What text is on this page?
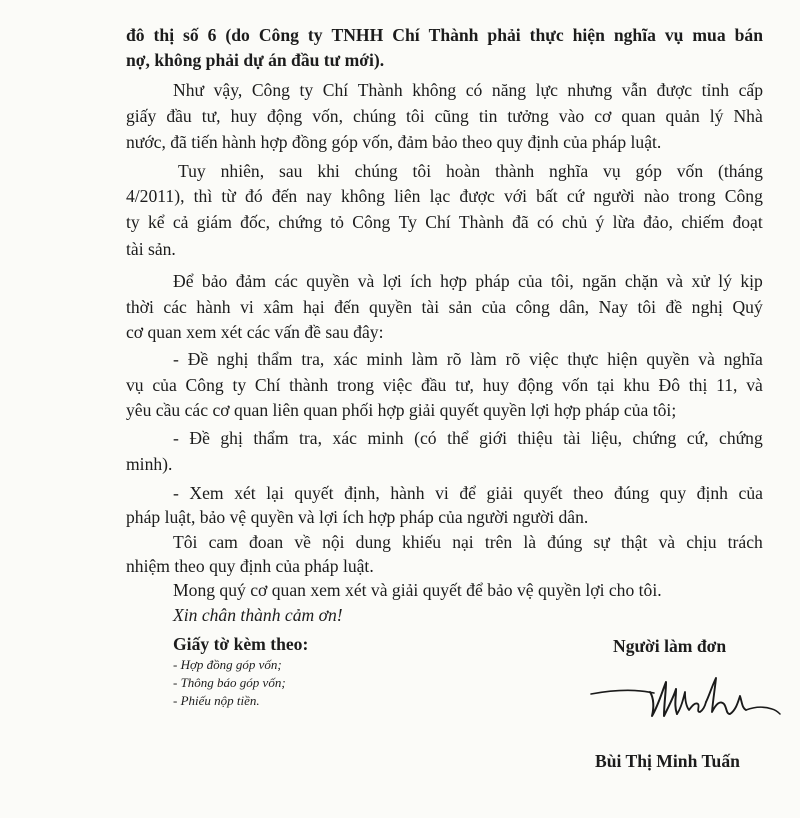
đô thị số 6 (do Công ty TNHH Chí Thành phải thực hiện nghĩa vụ mua bán

nợ, không phải dự án đầu tư mới).

Như vậy, Công ty Chí Thành không có năng lực nhưng vẫn được tỉnh cấp

giấy đầu tư, huy động vốn, chúng tôi cũng tin tưởng vào cơ quan quản lý Nhà

nước, đã tiến hành hợp đồng góp vốn, đảm bảo theo quy định của pháp luật.

Tuy nhiên, sau khi chúng tôi hoàn thành nghĩa vụ góp vốn (tháng

4/2011), thì từ đó đến nay không liên lạc được với bất cứ người nào trong Công

ty kể cả giám đốc, chứng tỏ Công Ty Chí Thành đã có chủ ý lừa đảo, chiếm đoạt

tài sản.

Để bảo đảm các quyền và lợi ích hợp pháp của tôi, ngăn chặn và xử lý kịp

thời các hành vi xâm hại đến quyền tài sản của công dân, Nay tôi đề nghị Quý

cơ quan xem xét các vấn đề sau đây:

- Đề nghị thẩm tra, xác minh làm rõ làm rõ việc thực hiện quyền và nghĩa

vụ của Công ty Chí thành trong việc đầu tư, huy động vốn tại khu Đô thị 11, và

yêu cầu các cơ quan liên quan phối hợp giải quyết quyền lợi hợp pháp của tôi;

- Đề ghị thẩm tra, xác minh (có thể giới thiệu tài liệu, chứng cứ, chứng

minh).

- Xem xét lại quyết định, hành vi để giải quyết theo đúng quy định của

pháp luật, bảo vệ quyền và lợi ích hợp pháp của người người dân.

Tôi cam đoan về nội dung khiếu nại trên là đúng sự thật và chịu trách

nhiệm theo quy định của pháp luật.

Mong quý cơ quan xem xét và giải quyết để bảo vệ quyền lợi cho tôi.

Xin chân thành cảm ơn!

Giấy tờ kèm theo:

- Hợp đồng góp vốn;

- Thông báo góp vốn;

- Phiếu nộp tiền.

Người làm đơn

Bùi Thị Minh Tuấn
